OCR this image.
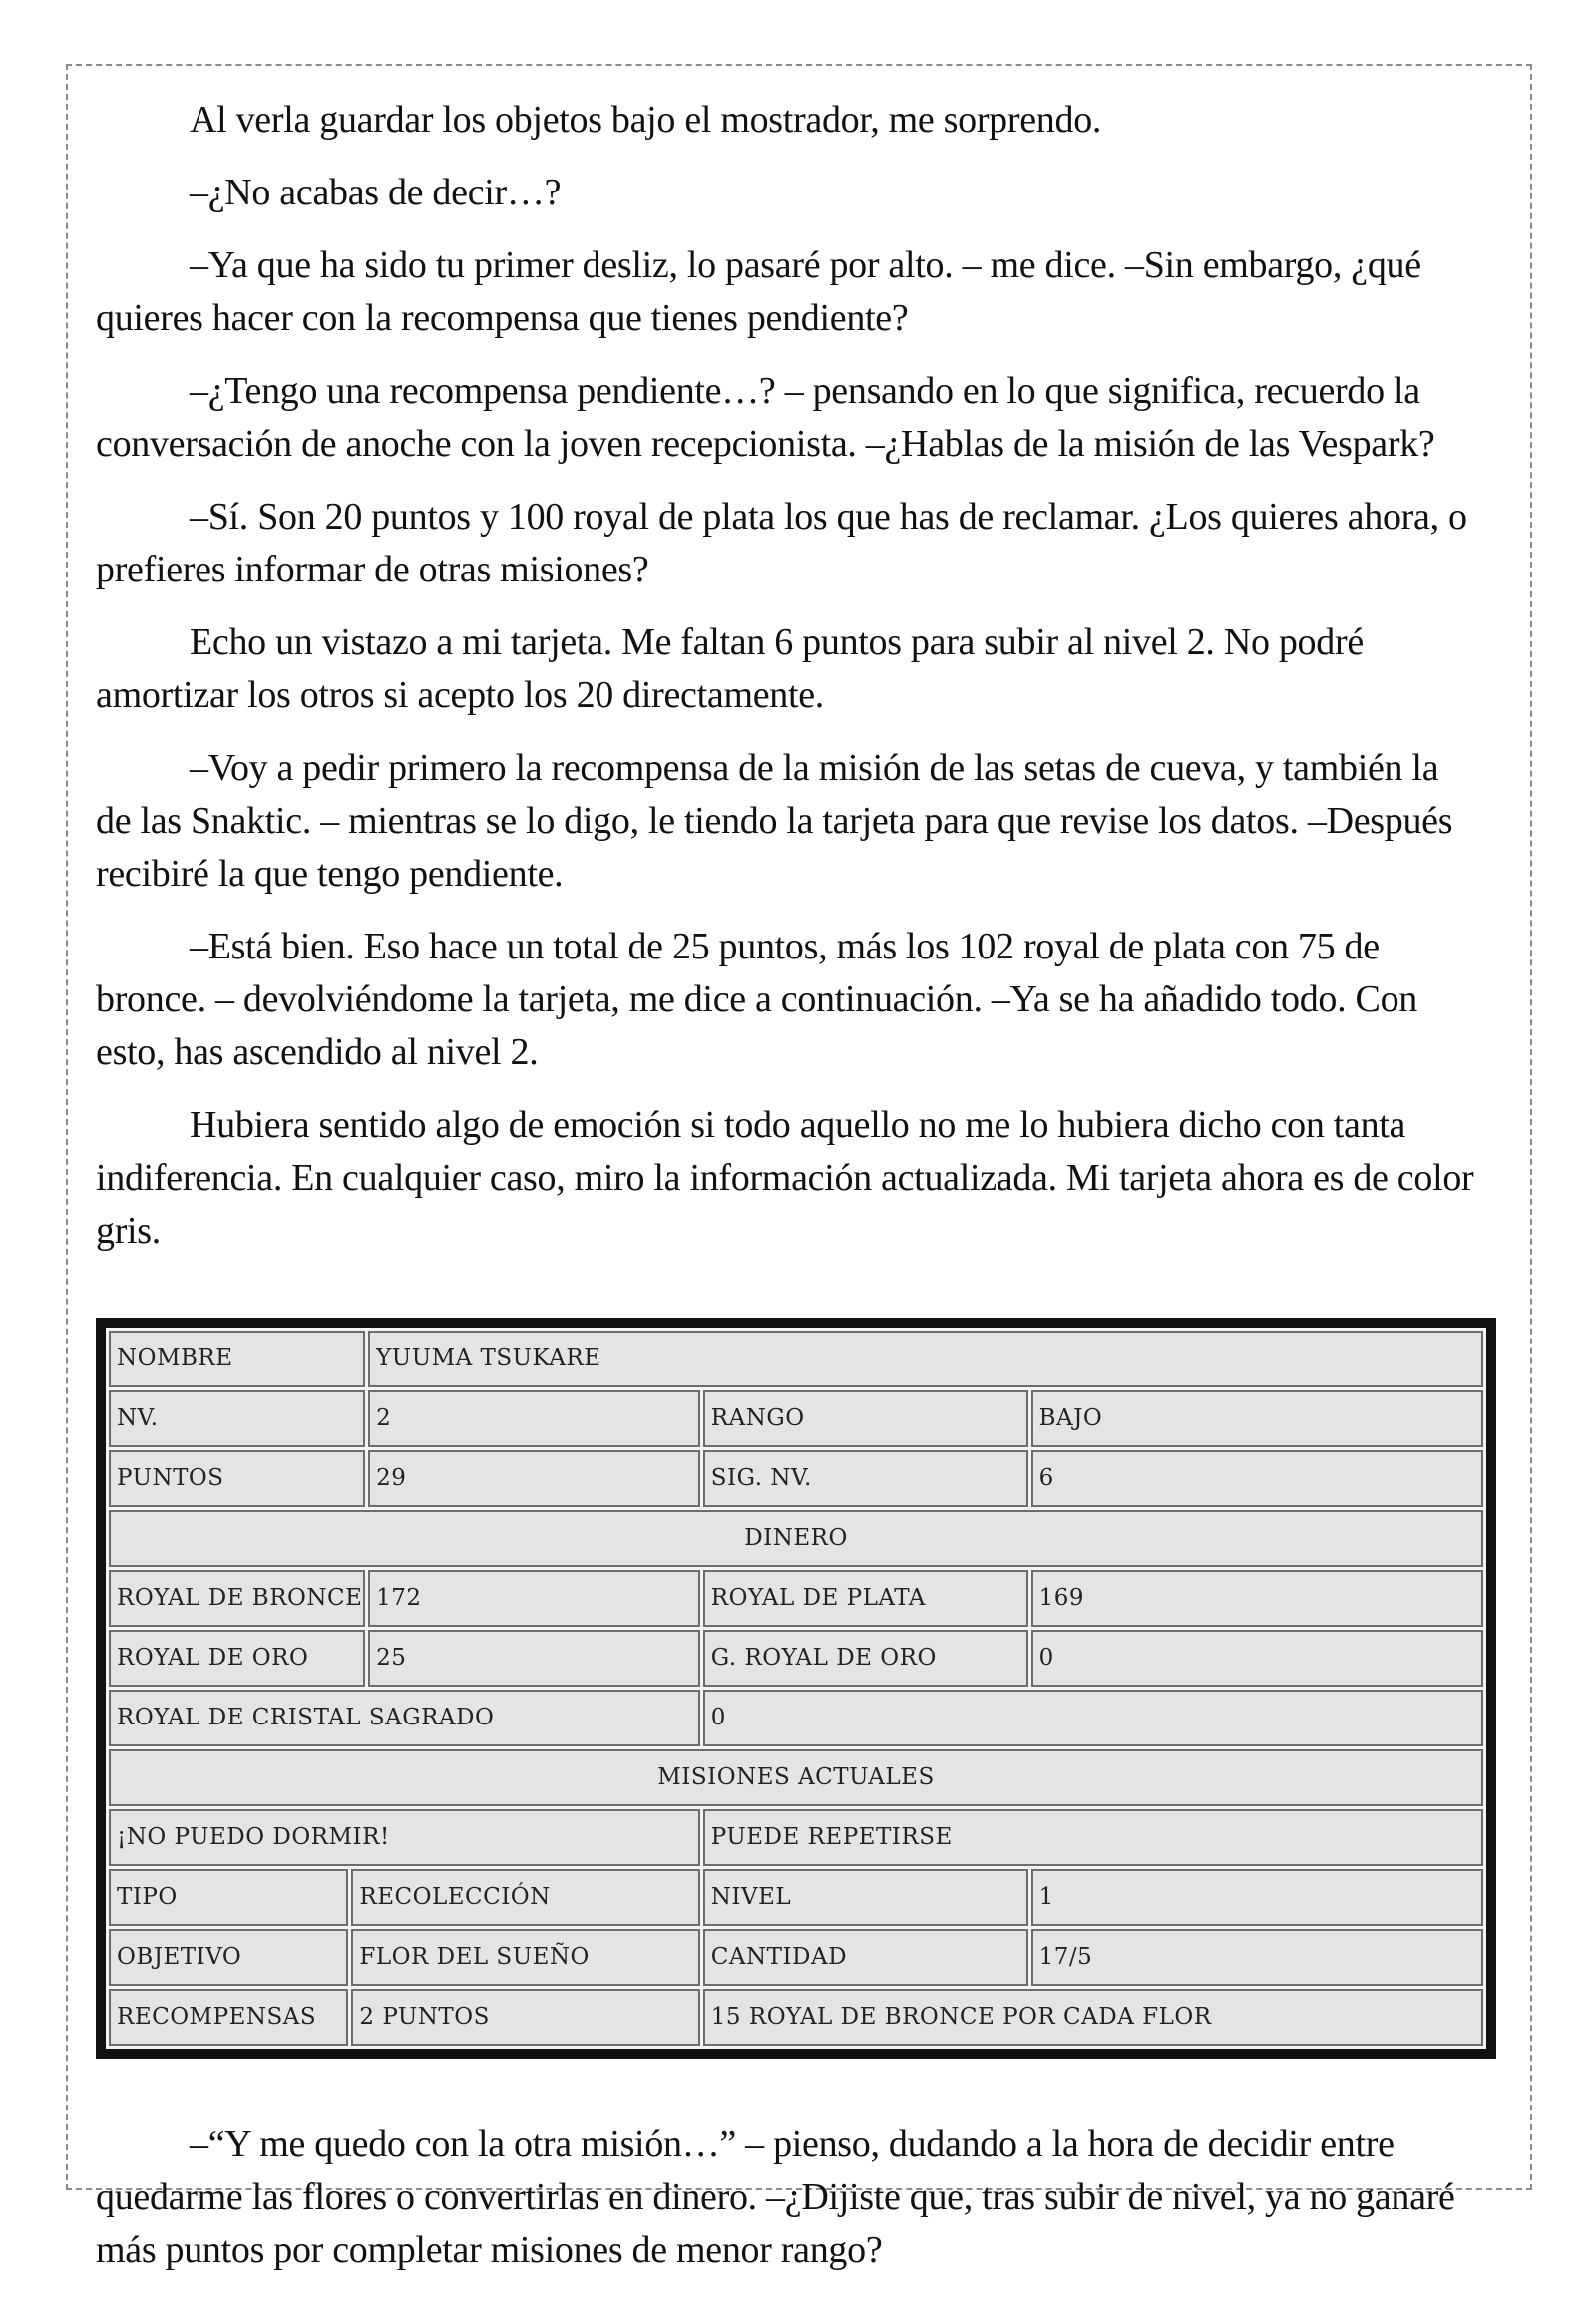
Al verla guardar los objetos bajo el mostrador, me sorprendo.

–¿No acabas de decir…?

–Ya que ha sido tu primer desliz, lo pasaré por alto. – me dice. –Sin embargo, ¿qué quieres hacer con la recompensa que tienes pendiente?

–¿Tengo una recompensa pendiente…? – pensando en lo que significa, recuerdo la conversación de anoche con la joven recepcionista. –¿Hablas de la misión de las Vespark?

–Sí. Son 20 puntos y 100 royal de plata los que has de reclamar. ¿Los quieres ahora, o prefieres informar de otras misiones?

Echo un vistazo a mi tarjeta. Me faltan 6 puntos para subir al nivel 2. No podré amortizar los otros si acepto los 20 directamente.

–Voy a pedir primero la recompensa de la misión de las setas de cueva, y también la de las Snaktic. – mientras se lo digo, le tiendo la tarjeta para que revise los datos. –Después recibiré la que tengo pendiente.

–Está bien. Eso hace un total de 25 puntos, más los 102 royal de plata con 75 de bronce. – devolviéndome la tarjeta, me dice a continuación. –Ya se ha añadido todo. Con esto, has ascendido al nivel 2.

Hubiera sentido algo de emoción si todo aquello no me lo hubiera dicho con tanta indiferencia. En cualquier caso, miro la información actualizada. Mi tarjeta ahora es de color gris.

NOMBRE		YUUMA TSUKARE		
NV.		2	RANGO	BAJO
PUNTOS		29	SIG. NV.	6
DINERO				
ROYAL DE BRONCE		172	ROYAL DE PLATA	169
ROYAL DE ORO		25	G. ROYAL DE ORO	0
ROYAL DE CRISTAL SAGRADO			0	
MISIONES ACTUALES				
¡NO PUEDO DORMIR!			PUEDE REPETIRSE	
TIPO	RECOLECCIÓN		NIVEL	1
OBJETIVO	FLOR DEL SUEÑO		CANTIDAD	17/5
RECOMPENSAS	2 PUNTOS		15 ROYAL DE BRONCE POR CADA FLOR	

–“Y me quedo con la otra misión…” – pienso, dudando a la hora de decidir entre quedarme las flores o convertirlas en dinero. –¿Dijiste que, tras subir de nivel, ya no ganaré más puntos por completar misiones de menor rango?
